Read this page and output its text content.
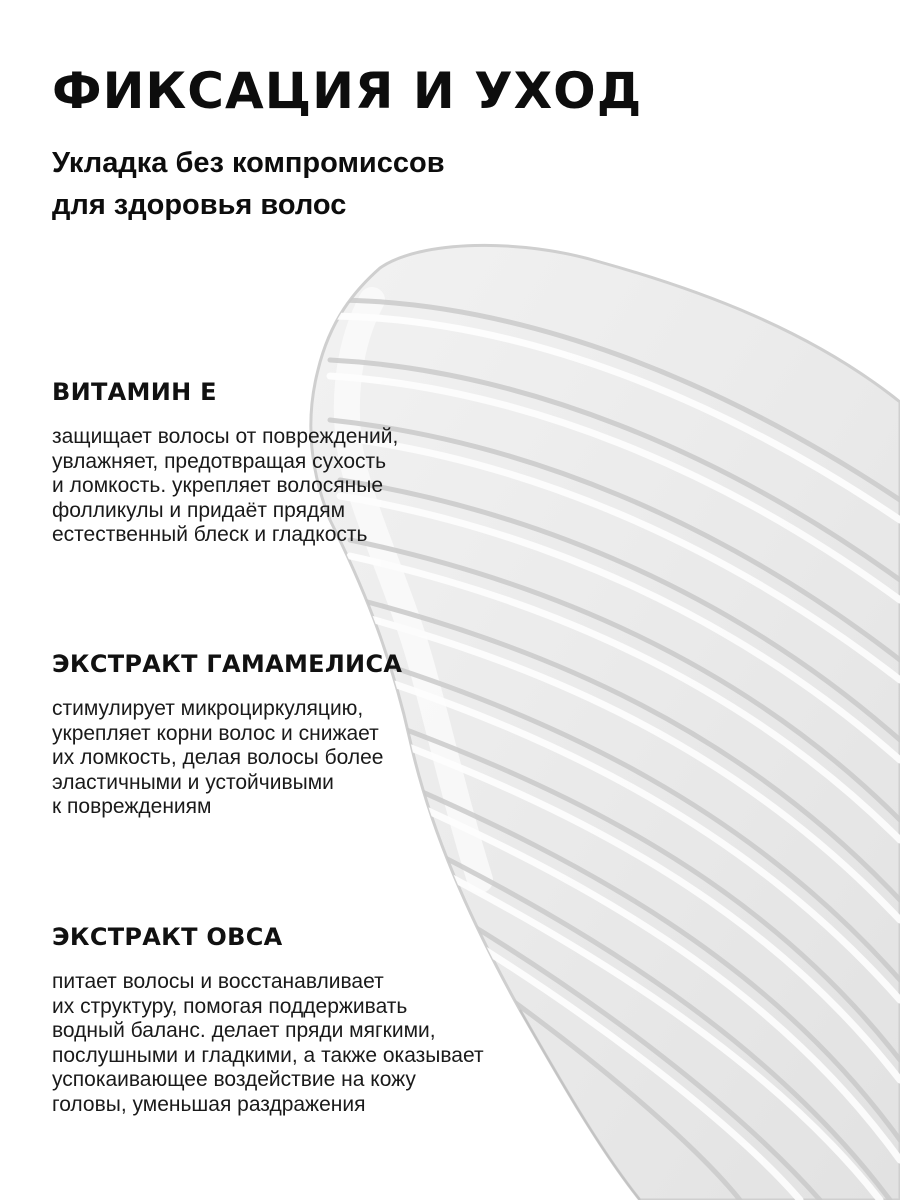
ФИКСАЦИЯ И УХОД
Укладка без компромиссов
для здоровья волос
ВИТАМИН Е

защищает волосы от повреждений,
увлажняет, предотвращая сухость
и ломкость. укрепляет волосяные
фолликулы и придаёт прядям
естественный блеск и гладкость

ЭКСТРАКТ ГАМАМЕЛИСА

стимулирует микроциркуляцию,
укрепляет корни волос и снижает
их ломкость, делая волосы более
эластичными и устойчивыми
к повреждениям

ЭКСТРАКТ ОВСА

питает волосы и восстанавливает
их структуру, помогая поддерживать
водный баланс. делает пряди мягкими,
послушными и гладкими, а также оказывает
успокаивающее воздействие на кожу
головы, уменьшая раздражения
